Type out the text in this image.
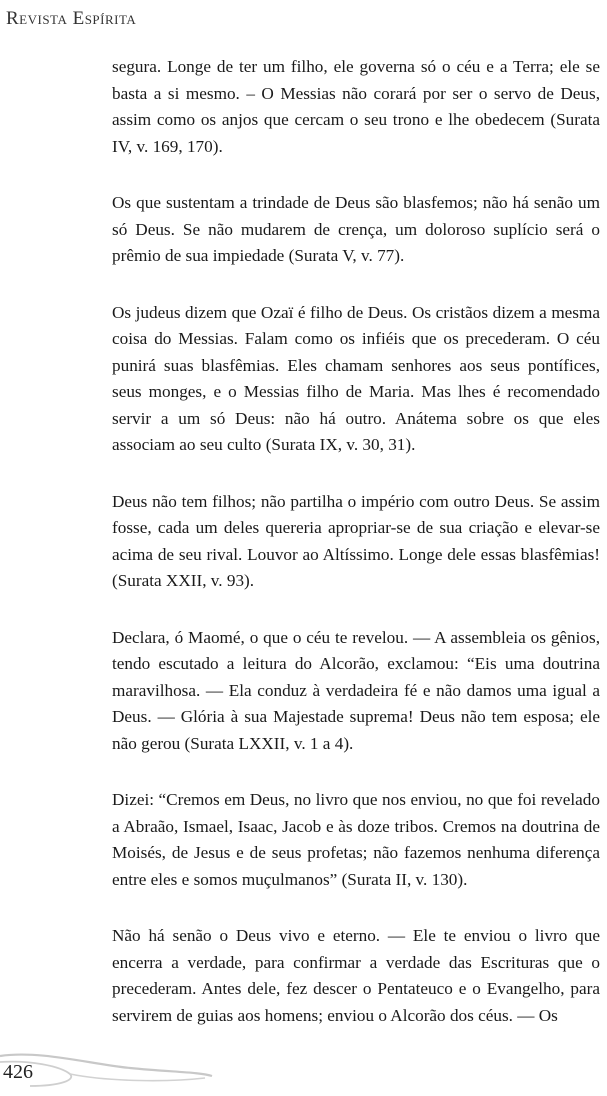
Revista Espírita

segura. Longe de ter um filho, ele governa só o céu e a Terra; ele se basta a si mesmo. – O Messias não corará por ser o servo de Deus, assim como os anjos que cercam o seu trono e lhe obedecem (Surata IV, v. 169, 170).

Os que sustentam a trindade de Deus são blasfemos; não há senão um só Deus. Se não mudarem de crença, um doloroso suplício será o prêmio de sua impiedade (Surata V, v. 77).

Os judeus dizem que Ozaï é filho de Deus. Os cristãos dizem a mesma coisa do Messias. Falam como os infiéis que os precederam. O céu punirá suas blasfêmias. Eles chamam senhores aos seus pontífices, seus monges, e o Messias filho de Maria. Mas lhes é recomendado servir a um só Deus: não há outro. Anátema sobre os que eles associam ao seu culto (Surata IX, v. 30, 31).

Deus não tem filhos; não partilha o império com outro Deus. Se assim fosse, cada um deles quereria apropriar-se de sua criação e elevar-se acima de seu rival. Louvor ao Altíssimo. Longe dele essas blasfêmias! (Surata XXII, v. 93).

Declara, ó Maomé, o que o céu te revelou. — A assembleia os gênios, tendo escutado a leitura do Alcorão, exclamou: “Eis uma doutrina maravilhosa. — Ela conduz à verdadeira fé e não damos uma igual a Deus. — Glória à sua Majestade suprema! Deus não tem esposa; ele não gerou (Surata LXXII, v. 1 a 4).

Dizei: “Cremos em Deus, no livro que nos enviou, no que foi revelado a Abraão, Ismael, Isaac, Jacob e às doze tribos. Cremos na doutrina de Moisés, de Jesus e de seus profetas; não fazemos nenhuma diferença entre eles e somos muçulmanos” (Surata II, v. 130).

Não há senão o Deus vivo e eterno. — Ele te enviou o livro que encerra a verdade, para confirmar a verdade das Escrituras que o precederam. Antes dele, fez descer o Pentateuco e o Evangelho, para servirem de guias aos homens; enviou o Alcorão dos céus. — Os

426
